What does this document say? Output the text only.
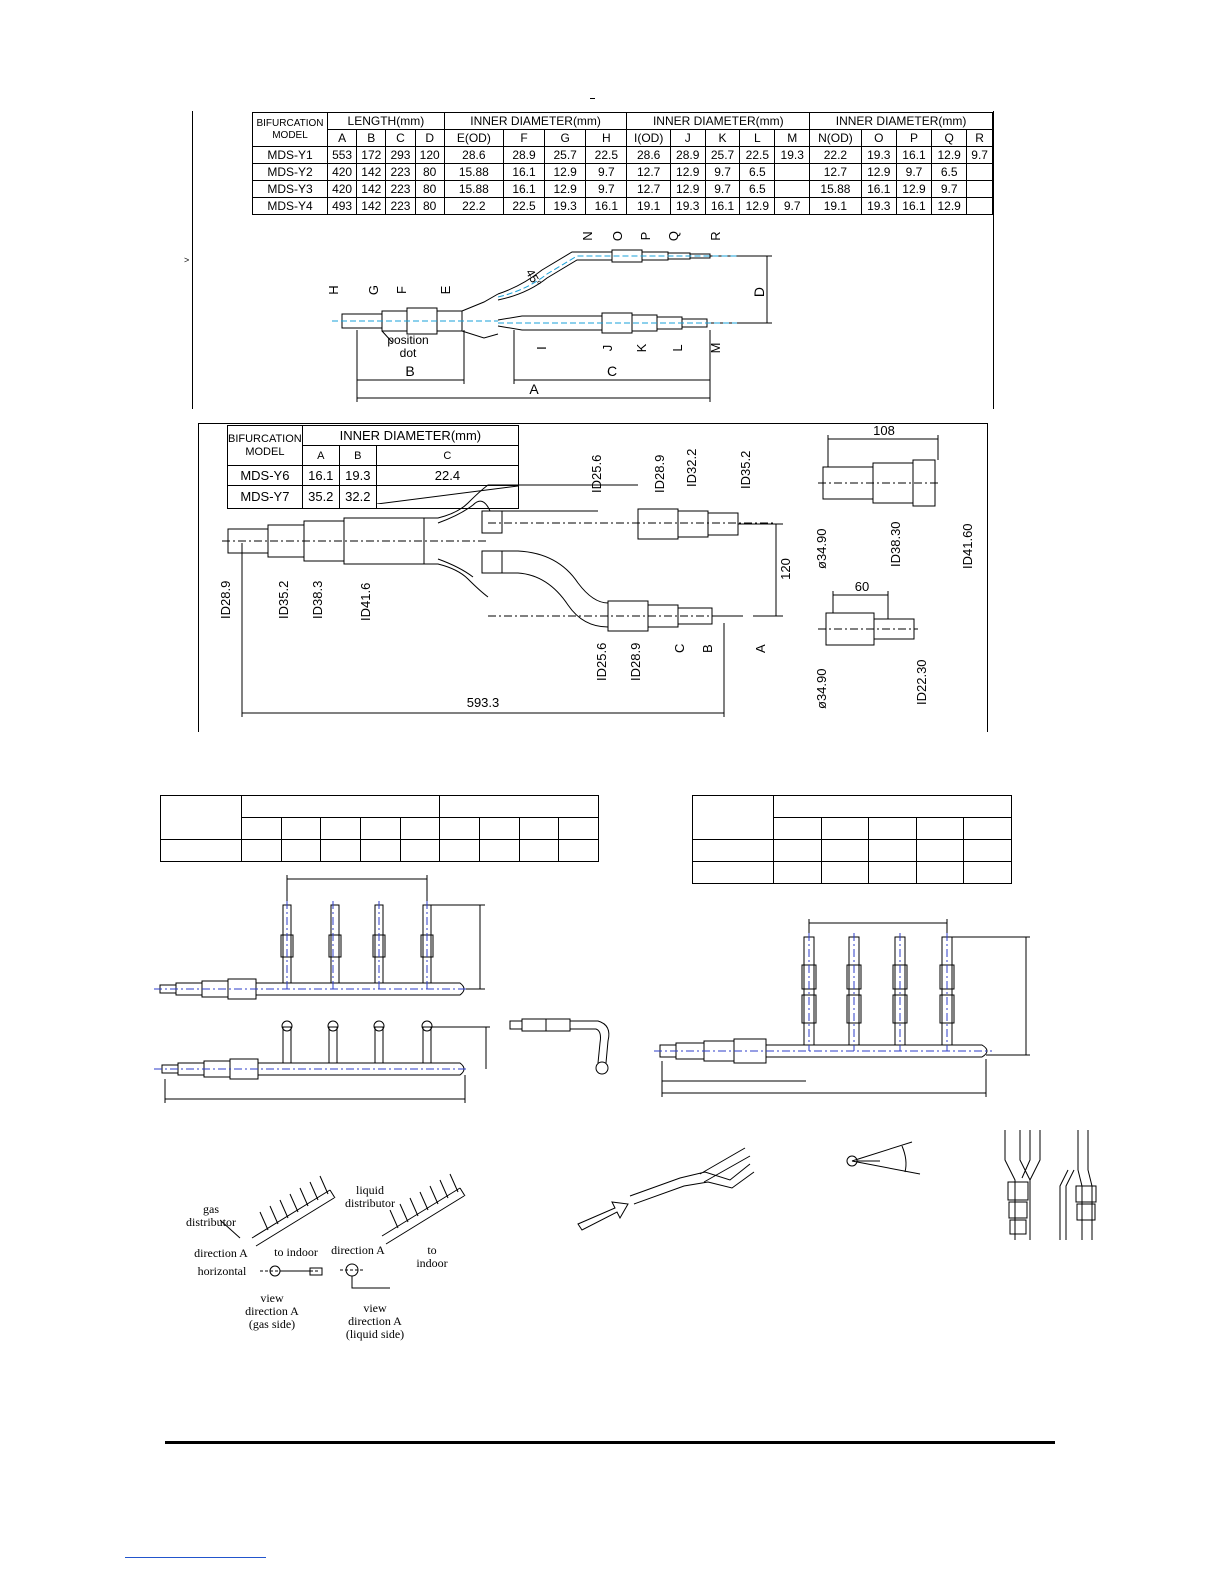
>
BIFURCATION MODEL	LENGTH(mm)				INNER DIAMETER(mm)				INNER DIAMETER(mm)					INNER DIAMETER(mm)				
	A	B	C	D	E(OD)	F	G	H	I(OD)	J	K	L	M	N(OD)	O	P	Q	R
MDS-Y1	553	172	293	120	28.6	28.9	25.7	22.5	28.6	28.9	25.7	22.5	19.3	22.2	19.3	16.1	12.9	9.7
MDS-Y2	420	142	223	80	15.88	16.1	12.9	9.7	12.7	12.9	9.7	6.5		12.7	12.9	9.7	6.5	
MDS-Y3	420	142	223	80	15.88	16.1	12.9	9.7	12.7	12.9	9.7	6.5		15.88	16.1	12.9	9.7	
MDS-Y4	493	142	223	80	22.2	22.5	19.3	16.1	19.1	19.3	16.1	12.9	9.7	19.1	19.3	16.1	12.9	
B	C
A
D
45°
N O P Q R
H G F E
I	J K L M
position
dot
BIFURCATION MODEL	INNER DIAMETER(mm)		
	A	B	C
MDS-Y6	16.1	19.3	22.4
MDS-Y7	35.2	32.2	
ID25.6	ID28.9 ID32.2	ID35.2
ID28.9	ID35.2 ID38.3	ID41.6
ID25.6 ID28.9 C B	A
ø34.90	ID38.30	ID41.60
ø34.90	ID22.30
593.3
120
108
60

gas
distributor
liquid
distributor
direction A	to indoor
horizontal
view
direction A
(gas side)
direction A	to
indoor
view
direction A
(liquid side)
